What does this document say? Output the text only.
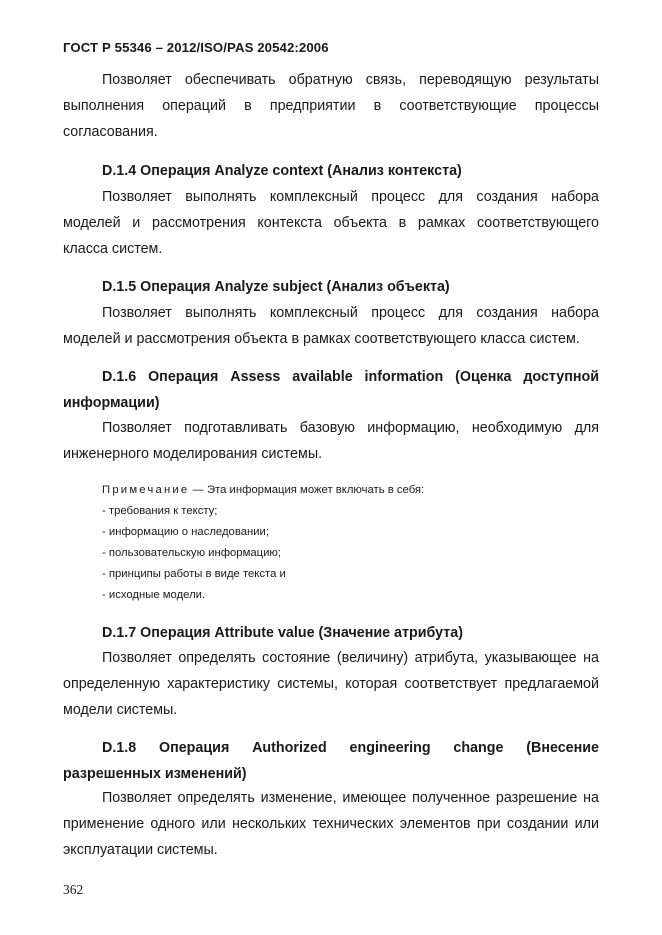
ГОСТ Р 55346 – 2012/ISO/PAS 20542:2006
Позволяет обеспечивать обратную связь, переводящую результаты
выполнения операций в предприятии в соответствующие процессы
согласования.
D.1.4 Операция Analyze context (Анализ контекста)
Позволяет выполнять комплексный процесс для создания набора
моделей и рассмотрения контекста объекта в рамках соответствующего
класса систем.
D.1.5 Операция Analyze subject (Анализ объекта)
Позволяет выполнять комплексный процесс для создания набора
моделей и рассмотрения объекта в рамках соответствующего класса систем.
D.1.6 Операция Assess available information (Оценка доступной
информации)
Позволяет подготавливать базовую информацию, необходимую для
инженерного моделирования системы.
Примечание — Эта информация может включать в себя:
- требования к тексту;
- информацию о наследовании;
- пользовательскую информацию;
- принципы работы в виде текста и
- исходные модели.
D.1.7 Операция Attribute value (Значение атрибута)
Позволяет определять состояние (величину) атрибута, указывающее на
определенную характеристику системы, которая соответствует предлагаемой
модели системы.
D.1.8 Операция Authorized engineering change (Внесение
разрешенных изменений)
Позволяет определять изменение, имеющее полученное разрешение на
применение одного или нескольких технических элементов при создании или
эксплуатации системы.
362
